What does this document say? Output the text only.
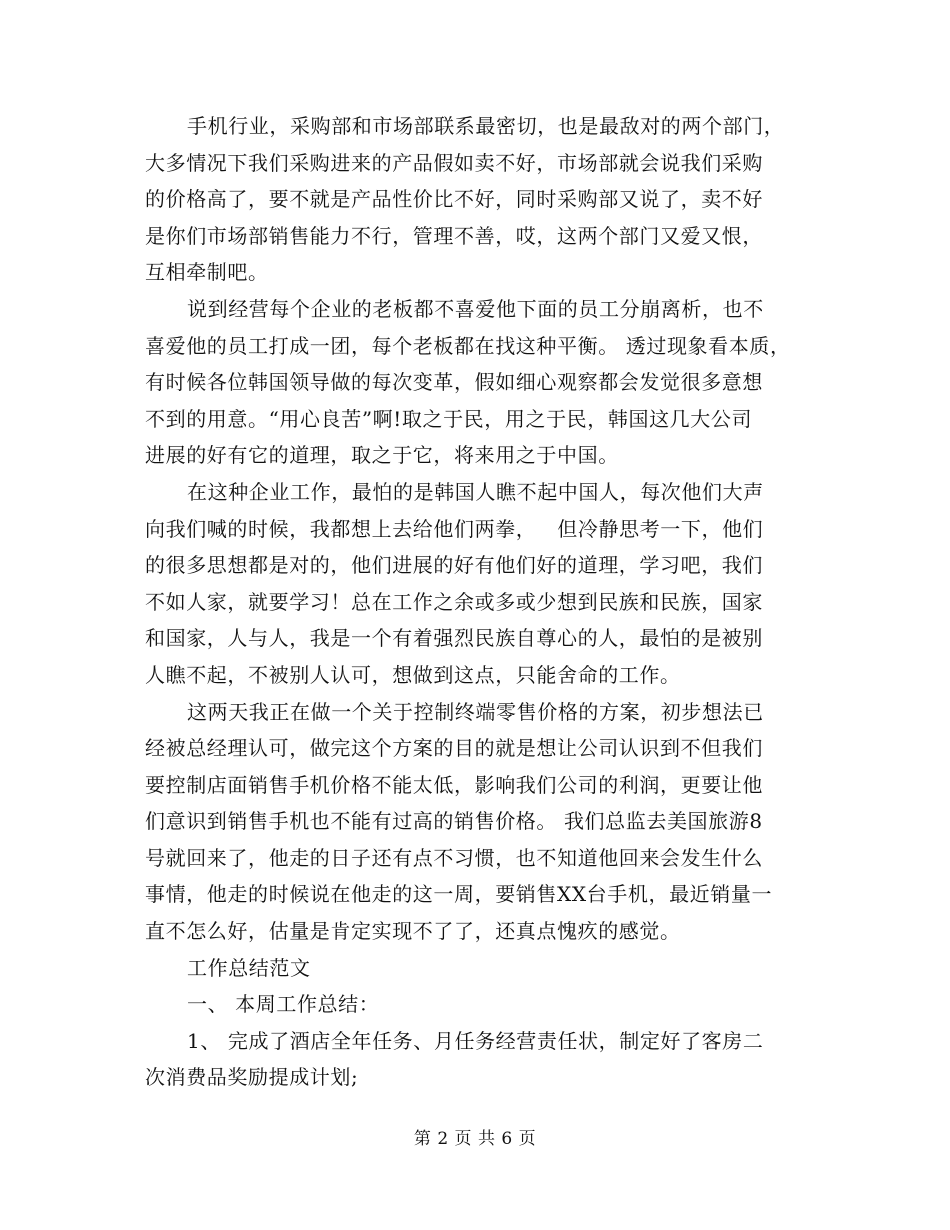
手机行业，采购部和市场部联系最密切，也是最敌对的两个部门，
大多情况下我们采购进来的产品假如卖不好，市场部就会说我们采购
的价格高了，要不就是产品性价比不好，同时采购部又说了，卖不好
是你们市场部销售能力不行，管理不善，哎，这两个部门又爱又恨，
互相牵制吧。
说到经营每个企业的老板都不喜爱他下面的员工分崩离析，也不
喜爱他的员工打成一团，每个老板都在找这种平衡。 透过现象看本质，
有时候各位韩国领导做的每次变革，假如细心观察都会发觉很多意想
不到的用意。“用心良苦”啊!取之于民，用之于民，韩国这几大公司
进展的好有它的道理，取之于它，将来用之于中国。
在这种企业工作，最怕的是韩国人瞧不起中国人，每次他们大声
向我们喊的时候，我都想上去给他们两拳，   但冷静思考一下，他们
的很多思想都是对的，他们进展的好有他们好的道理，学习吧，我们
不如人家，就要学习！总在工作之余或多或少想到民族和民族，国家
和国家，人与人，我是一个有着强烈民族自尊心的人，最怕的是被别
人瞧不起，不被别人认可，想做到这点，只能舍命的工作。
这两天我正在做一个关于控制终端零售价格的方案，初步想法已
经被总经理认可，做完这个方案的目的就是想让公司认识到不但我们
要控制店面销售手机价格不能太低，影响我们公司的利润，更要让他
们意识到销售手机也不能有过高的销售价格。 我们总监去美国旅游8
号就回来了，他走的日子还有点不习惯，也不知道他回来会发生什么
事情，他走的时候说在他走的这一周，要销售XX台手机，最近销量一
直不怎么好，估量是肯定实现不了了，还真点愧疚的感觉。
工作总结范文
一、 本周工作总结：
1、 完成了酒店全年任务、月任务经营责任状，制定好了客房二
次消费品奖励提成计划;
第 2 页 共 6 页
